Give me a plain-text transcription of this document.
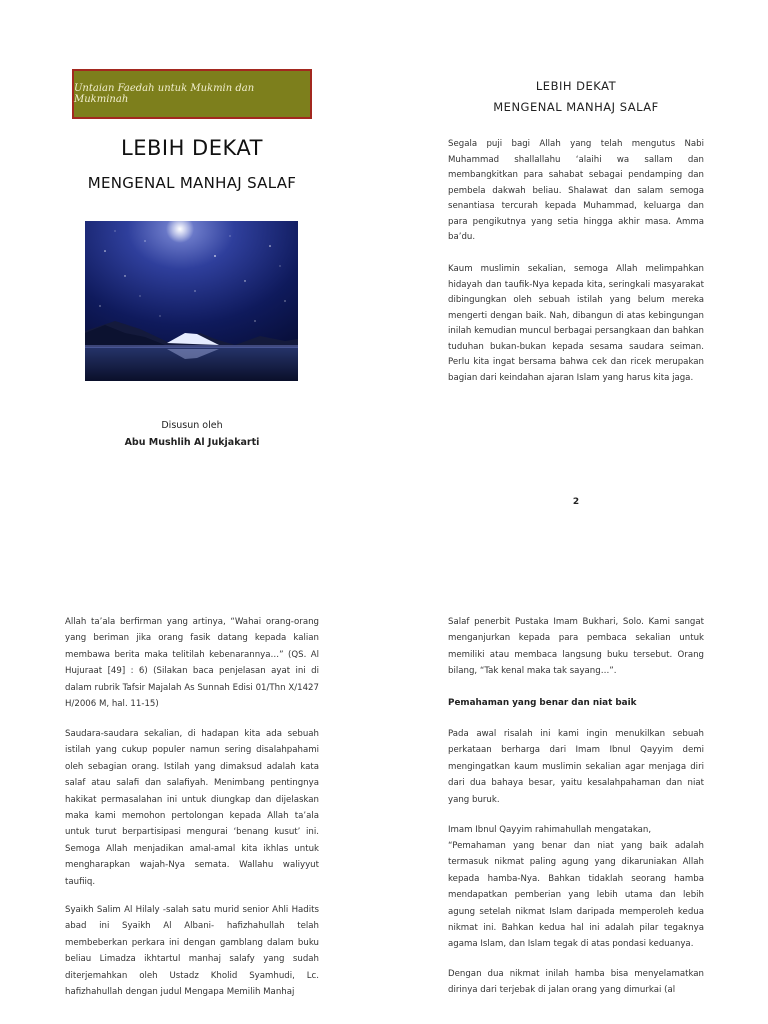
Untaian Faedah untuk Mukmin dan Mukminah
LEBIH DEKAT
MENGENAL MANHAJ SALAF
Disusun oleh
Abu Mushlih Al Jukjakarti
LEBIH DEKAT
MENGENAL MANHAJ SALAF
Segala puji bagi Allah yang telah mengutus Nabi Muhammad shallallahu ‘alaihi wa sallam dan membangkitkan para sahabat sebagai pendamping dan pembela dakwah beliau. Shalawat dan salam semoga senantiasa tercurah kepada Muhammad, keluarga dan para pengikutnya yang setia hingga akhir masa. Amma ba’du.
Kaum muslimin sekalian, semoga Allah melimpahkan hidayah dan taufik-Nya kepada kita, seringkali masyarakat dibingungkan oleh sebuah istilah yang belum mereka mengerti dengan baik. Nah, dibangun di atas kebingungan inilah kemudian muncul berbagai persangkaan dan bahkan tuduhan bukan-bukan kepada sesama saudara seiman. Perlu kita ingat bersama bahwa cek dan ricek merupakan bagian dari keindahan ajaran Islam yang harus kita jaga.
2
Allah ta’ala berfirman yang artinya, “Wahai orang-orang yang beriman jika orang fasik datang kepada kalian membawa berita maka telitilah kebenarannya…” (QS. Al Hujuraat [49] : 6) (Silakan baca penjelasan ayat ini di dalam rubrik Tafsir Majalah As Sunnah Edisi 01/Thn X/1427 H/2006 M, hal. 11-15)
Saudara-saudara sekalian, di hadapan kita ada sebuah istilah yang cukup populer namun sering disalahpahami oleh sebagian orang. Istilah yang dimaksud adalah kata salaf atau salafi dan salafiyah. Menimbang pentingnya hakikat permasalahan ini untuk diungkap dan dijelaskan maka kami memohon pertolongan kepada Allah ta’ala untuk turut berpartisipasi mengurai ‘benang kusut’ ini. Semoga Allah menjadikan amal-amal kita ikhlas untuk mengharapkan wajah-Nya semata. Wallahu waliyyut taufiiq.
Syaikh Salim Al Hilaly -salah satu murid senior Ahli Hadits abad ini Syaikh Al Albani- hafizhahullah telah membeberkan perkara ini dengan gamblang dalam buku beliau Limadza ikhtartul manhaj salafy yang sudah diterjemahkan oleh Ustadz Kholid Syamhudi, Lc. hafizhahullah dengan judul Mengapa Memilih Manhaj
Salaf penerbit Pustaka Imam Bukhari, Solo. Kami sangat menganjurkan kepada para pembaca sekalian untuk memiliki atau membaca langsung buku tersebut. Orang bilang, “Tak kenal maka tak sayang…”.
Pemahaman yang benar dan niat baik
Pada awal risalah ini kami ingin menukilkan sebuah perkataan berharga dari Imam Ibnul Qayyim demi mengingatkan kaum muslimin sekalian agar menjaga diri dari dua bahaya besar, yaitu kesalahpahaman dan niat yang buruk.
Imam Ibnul Qayyim rahimahullah mengatakan,
“Pemahaman yang benar dan niat yang baik adalah termasuk nikmat paling agung yang dikaruniakan Allah kepada hamba-Nya. Bahkan tidaklah seorang hamba mendapatkan pemberian yang lebih utama dan lebih agung setelah nikmat Islam daripada memperoleh kedua nikmat ini. Bahkan kedua hal ini adalah pilar tegaknya agama Islam, dan Islam tegak di atas pondasi keduanya.
Dengan dua nikmat inilah hamba bisa menyelamatkan dirinya dari terjebak di jalan orang yang dimurkai (al
